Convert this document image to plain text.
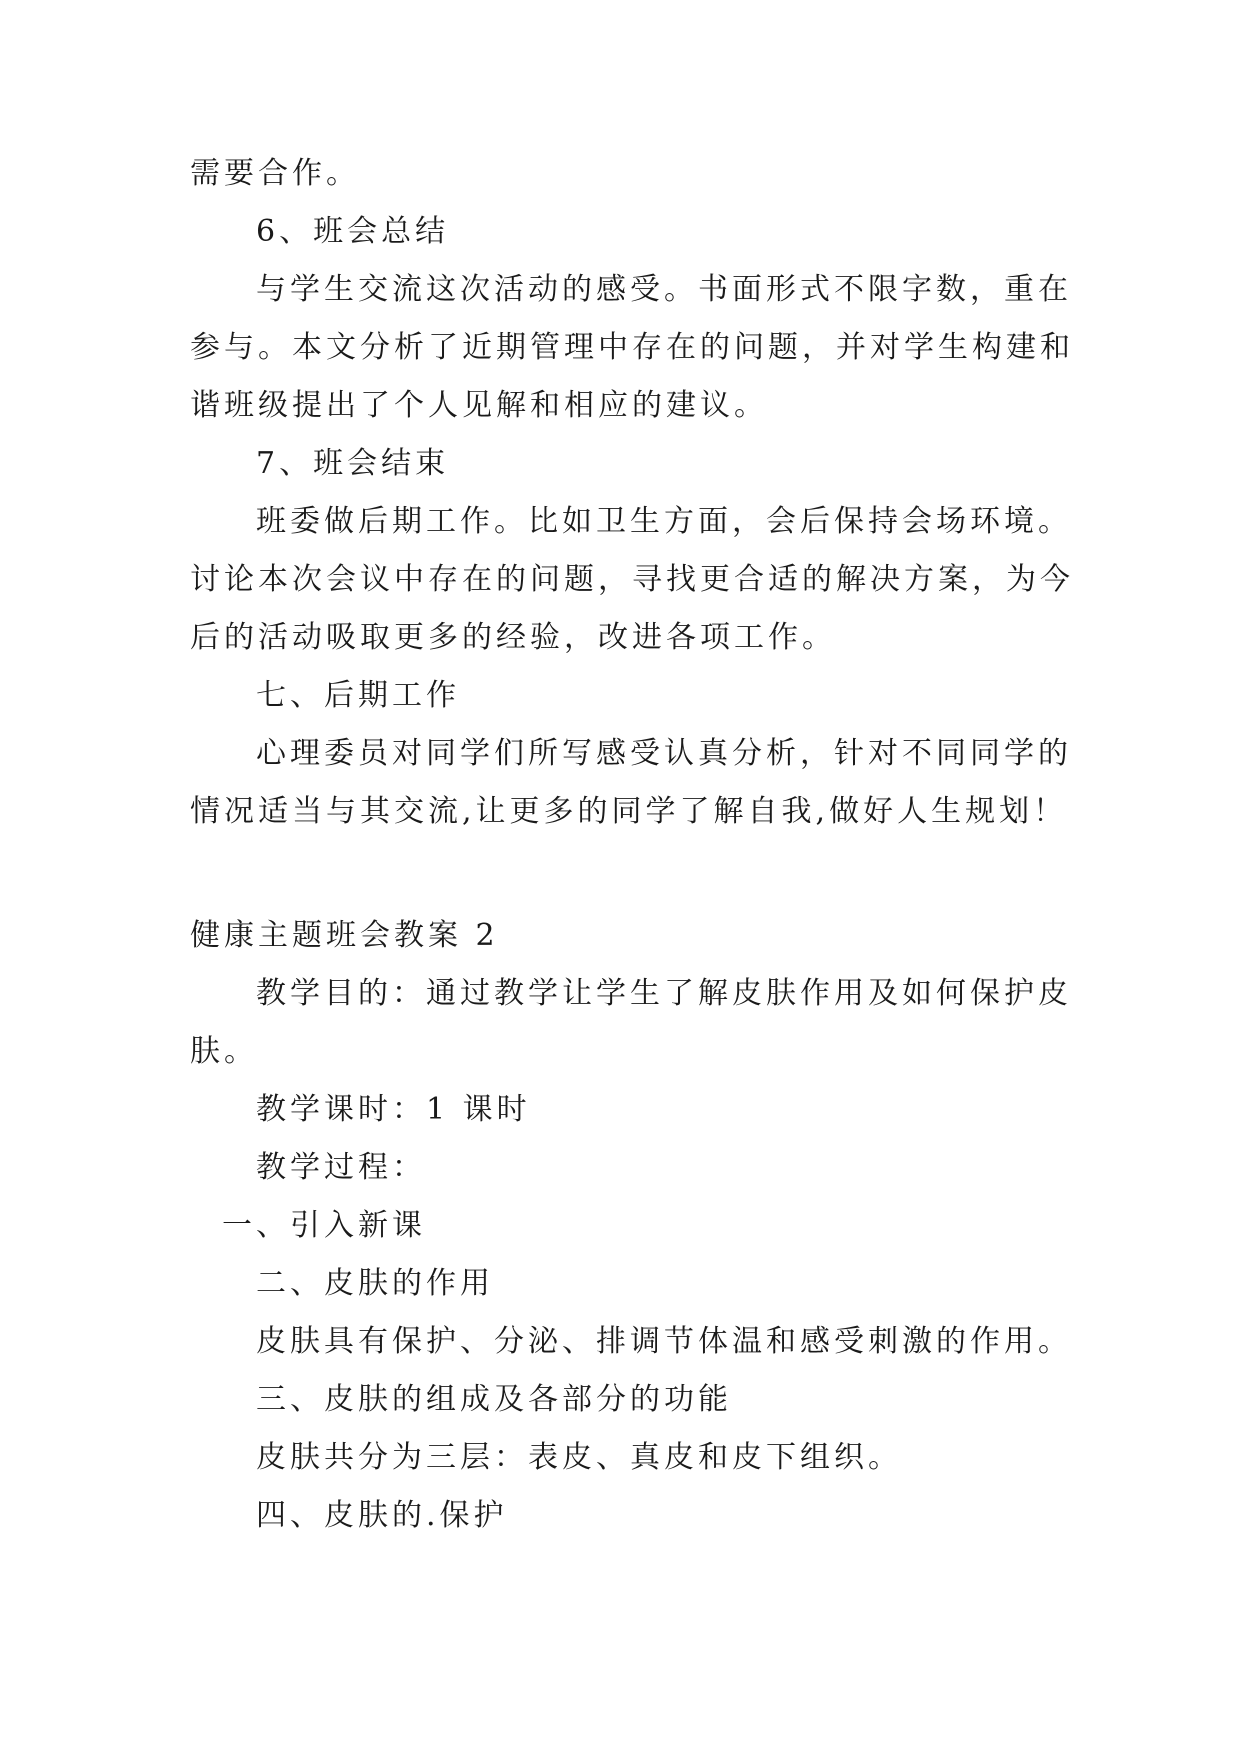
需要合作。
6、班会总结
与学生交流这次活动的感受。书面形式不限字数，重在
参与。本文分析了近期管理中存在的问题，并对学生构建和
谐班级提出了个人见解和相应的建议。
7、班会结束
班委做后期工作。比如卫生方面，会后保持会场环境。
讨论本次会议中存在的问题，寻找更合适的解决方案，为今
后的活动吸取更多的经验，改进各项工作。
七、后期工作
心理委员对同学们所写感受认真分析，针对不同同学的
情况适当与其交流,让更多的同学了解自我,做好人生规划！
健康主题班会教案 2
教学目的：通过教学让学生了解皮肤作用及如何保护皮
肤。
教学课时：1 课时
教学过程：
一、引入新课
二、皮肤的作用
皮肤具有保护、分泌、排调节体温和感受刺激的作用。
三、皮肤的组成及各部分的功能
皮肤共分为三层：表皮、真皮和皮下组织。
四、皮肤的.保护
